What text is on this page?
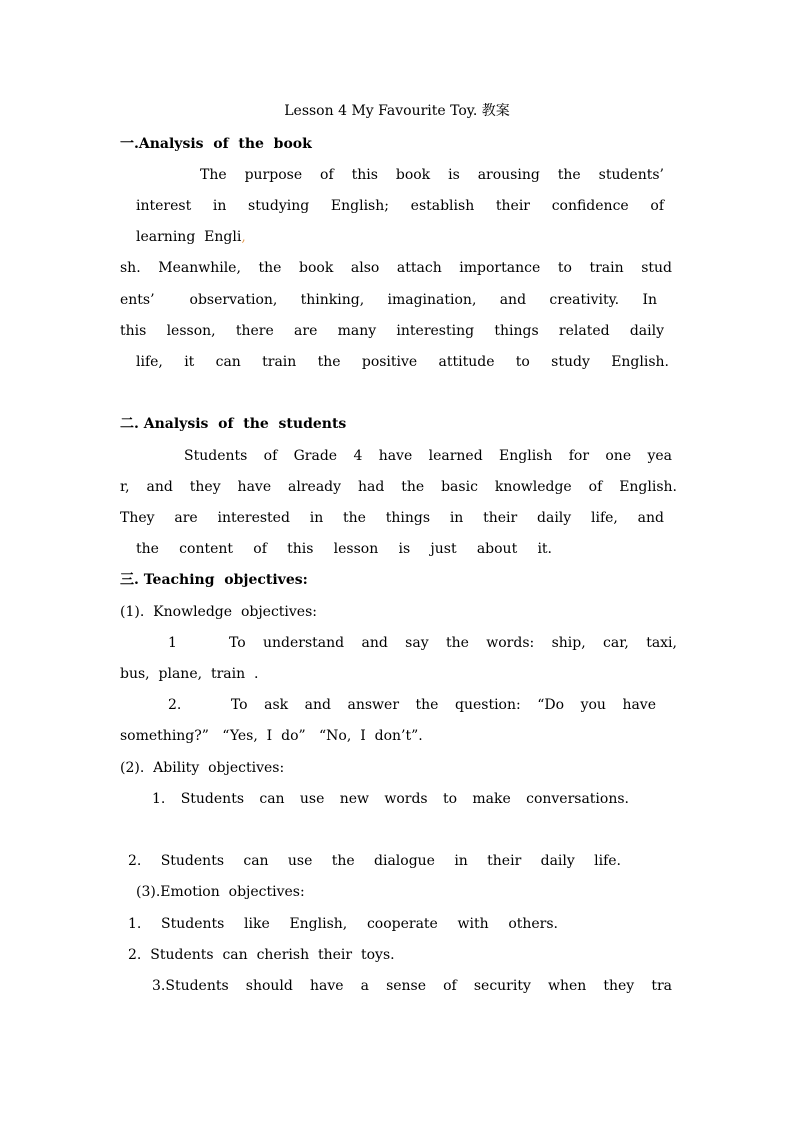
Lesson 4 My Favourite Toy. 教案
一.Analysis  of  the  book
The  purpose  of  this  book  is  arousing  the  students’
interest  in  studying  English;  establish  their  confidence  of
learning  Engli,
sh.  Meanwhile,  the  book  also  attach  importance  to  train  stud
ents’   observation,  thinking,  imagination,  and  creativity.  In
this  lesson,  there  are  many  interesting  things  related  daily
life,  it  can  train  the  positive  attitude  to  study  English.
二. Analysis  of  the  students
Students  of  Grade  4  have  learned  English  for  one  yea
r,  and  they  have  already  had  the  basic  knowledge  of  English.
They  are  interested  in  the  things  in  their  daily  life,  and
the  content  of  this  lesson  is  just  about  it.
三. Teaching  objectives:
(1).  Knowledge  objectives:
1      To  understand  and  say  the  words:  ship,  car,  taxi,
bus,  plane,  train  .
2.      To  ask  and  answer  the  question:  “Do  you  have
something?”   “Yes,  I  do”   “No,  I  don’t”.
(2).  Ability  objectives:
1.  Students  can  use  new  words  to  make  conversations.
2.  Students  can  use  the  dialogue  in  their  daily  life.
(3).Emotion  objectives:
1.  Students  like  English,  cooperate  with  others.
2.  Students  can  cherish  their  toys.
3.Students  should  have  a  sense  of  security  when  they  tra
